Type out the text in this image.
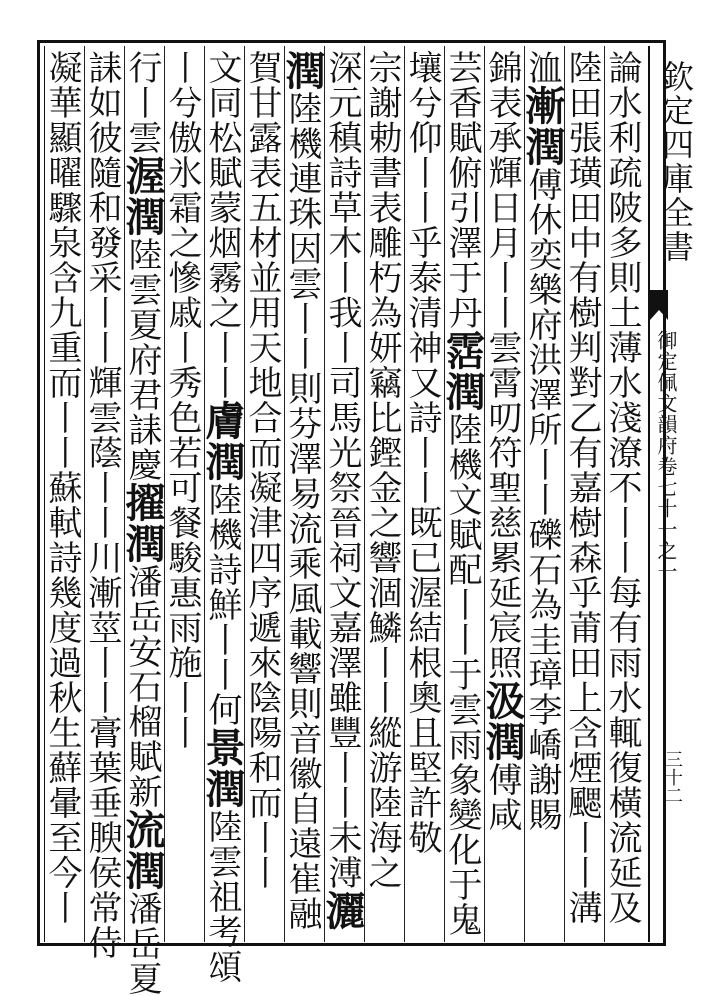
欽定四庫全書
御定佩文韻府卷七十一之一
三十二
論水利疏陂多則土薄水淺潦不丨丨每有雨水輒復橫流延及
陸田張璜田中有樹判對乙有嘉樹森乎莆田上含煙颸丨丨溝
洫漸潤傅休奕樂府洪澤所丨丨礫石為圭璋李嶠謝賜
錦表承輝日月丨丨雲霄叨符聖慈累延宸照汲潤傅咸
芸香賦俯引澤于丹霑潤陸機文賦配丨丨于雲雨象變化于鬼
壤兮仰丨丨乎泰清神又詩丨丨既已渥結根奧且堅許敬
宗謝勅書表雕朽為妍竊比鏗金之響涸鱗丨丨縱游陸海之
深元稹詩草木丨我丨司馬光祭晉祠文嘉澤雖豐丨丨未溥灑
潤陸機連珠因雲丨丨則芬澤易流乘風載響則音徽自遠崔融
賀甘露表五材並用天地合而凝津四序遞來陰陽和而丨丨
文同松賦蒙烟霧之丨丨膚潤陸機詩鮮丨丨何景潤陸雲祖考頌
丨兮傲氷霜之慘戚丨秀色若可餐駿惠雨施丨丨
行丨雲渥潤陸雲夏府君誄慶擢潤潘岳安石榴賦新流潤潘岳夏
誄如彼隨和發采丨丨輝雲蔭丨丨川漸莖丨丨膏葉垂腴侯常侍
凝華顯曜驟泉含九重而丨丨蘇軾詩幾度過秋生蘚暈至今丨
